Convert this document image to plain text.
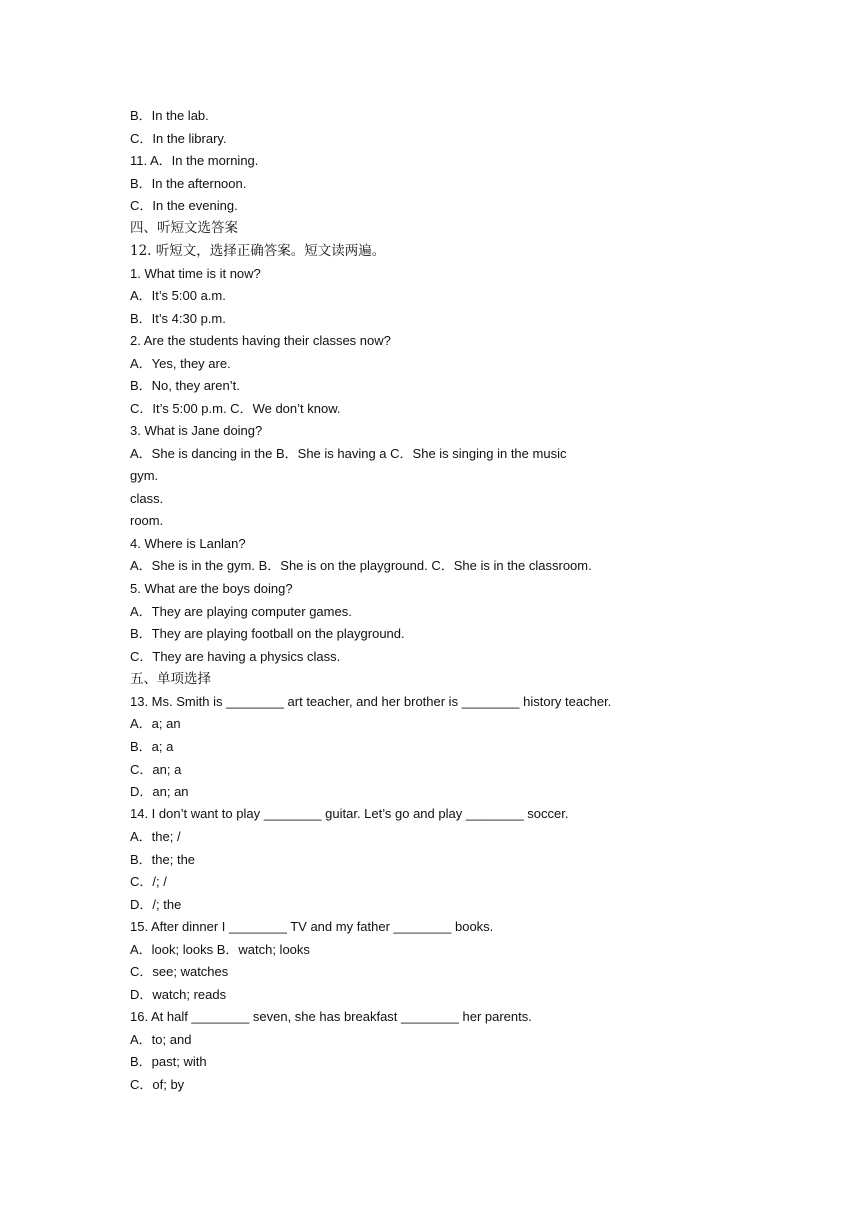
B．In the lab.
C．In the library.
11. A．In the morning.
B．In the afternoon.
C．In the evening.
四、听短文选答案
12. 听短文，选择正确答案。短文读两遍。
1. What time is it now?
A．It’s 5:00 a.m.
B．It’s 4:30 p.m.
2. Are the students having their classes now?
A．Yes, they are.
B．No, they aren’t.
C．It’s 5:00 p.m. C．We don’t know.
3. What is Jane doing?
A．She is dancing in the B．She is having a C．She is singing in the music
gym.
class.
room.
4. Where is Lanlan?
A．She is in the gym. B．She is on the playground. C．She is in the classroom.
5. What are the boys doing?
A．They are playing computer games.
B．They are playing football on the playground.
C．They are having a physics class.
五、单项选择
13. Ms. Smith is ________ art teacher, and her brother is ________ history teacher.
A．a; an
B．a; a
C．an; a
D．an; an
14. I don’t want to play ________ guitar. Let’s go and play ________ soccer.
A．the; /
B．the; the
C．/; /
D．/; the
15. After dinner I ________ TV and my father ________ books.
A．look; looks B．watch; looks
C．see; watches
D．watch; reads
16. At half ________ seven, she has breakfast ________ her parents.
A．to; and
B．past; with
C．of; by
